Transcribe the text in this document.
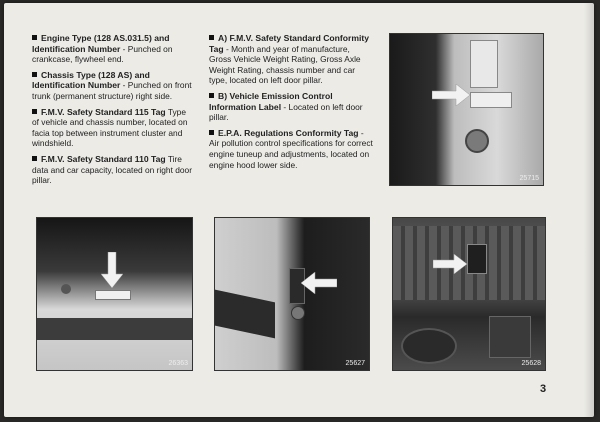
Engine Type (128 AS.031.5) and Identification Number - Punched on crankcase, flywheel end.
Chassis Type (128 AS) and Identification Number - Punched on front trunk (permanent structure) right side.
F.M.V. Safety Standard 115 Tag Type of vehicle and chassis number, located on facia top between instrument cluster and windshield.
F.M.V. Safety Standard 110 Tag Tire data and car capacity, located on right door pillar.
A) F.M.V. Safety Standard Conformity Tag - Month and year of manufacture, Gross Vehicle Weight Rating, Gross Axle Weight Rating, chassis number and car type, located on left door pillar.
B) Vehicle Emission Control Information Label - Located on left door pillar.
E.P.A. Regulations Conformity Tag - Air pollution control specifications for correct engine tuneup and adjustments, located on engine hood lower side.
25715
26363	25627	25628
3
